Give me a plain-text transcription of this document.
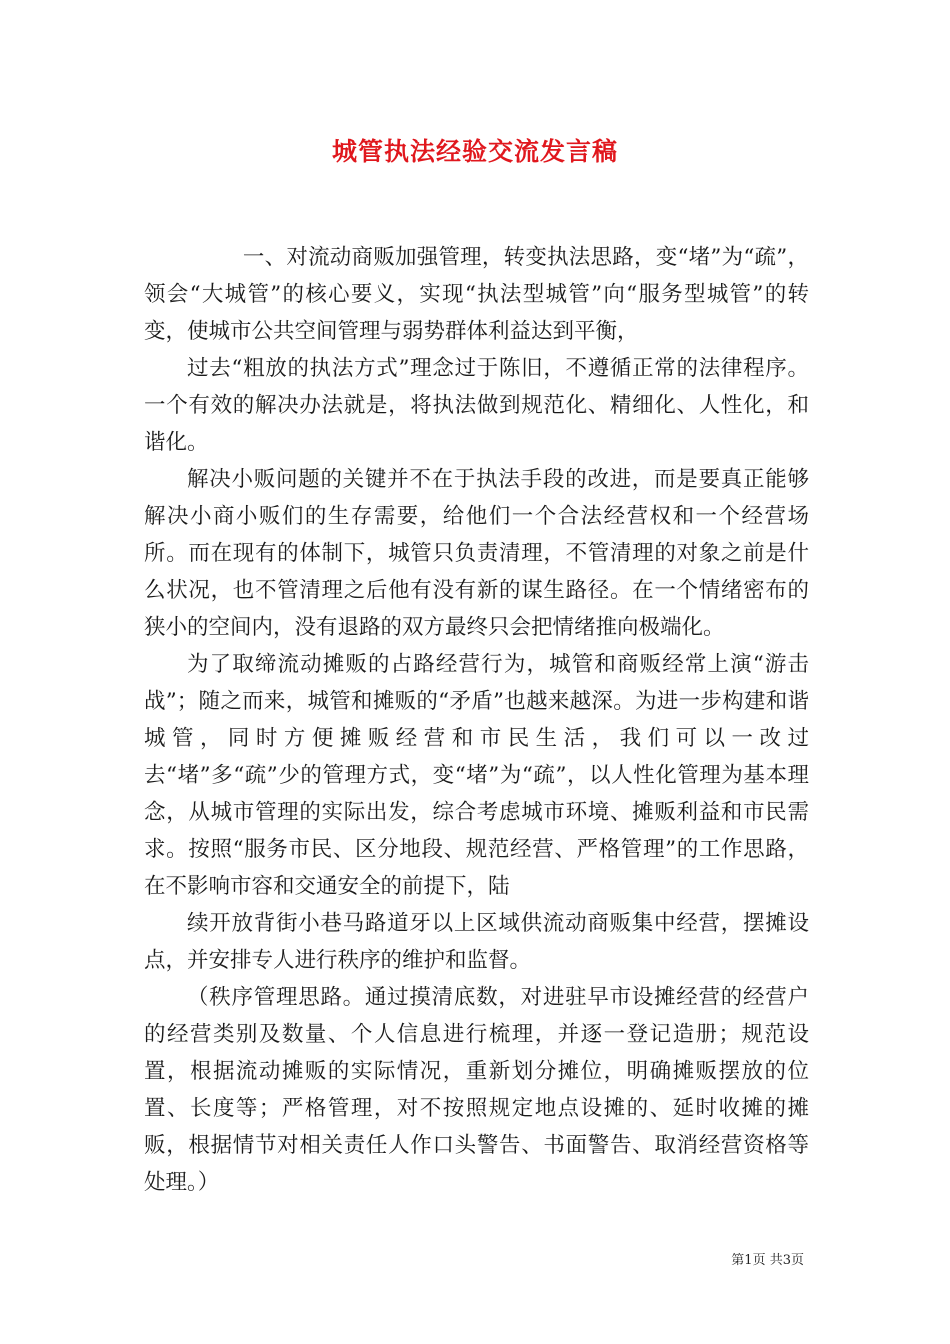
城管执法经验交流发言稿

一、对流动商贩加强管理，转变执法思路，变“堵”为“疏”，领会“大城管”的核心要义，实现“执法型城管”向“服务型城管”的转变，使城市公共空间管理与弱势群体利益达到平衡，

过去“粗放的执法方式”理念过于陈旧，不遵循正常的法律程序。一个有效的解决办法就是，将执法做到规范化、精细化、人性化，和谐化。

解决小贩问题的关键并不在于执法手段的改进，而是要真正能够解决小商小贩们的生存需要，给他们一个合法经营权和一个经营场所。而在现有的体制下，城管只负责清理，不管清理的对象之前是什么状况，也不管清理之后他有没有新的谋生路径。在一个情绪密布的狭小的空间内，没有退路的双方最终只会把情绪推向极端化。

为了取缔流动摊贩的占路经营行为，城管和商贩经常上演“游击战”；随之而来，城管和摊贩的“矛盾”也越来越深。为进一步构建和谐城管，同时方便摊贩经营和市民生活，我们可以一改过去“堵”多“疏”少的管理方式，变“堵”为“疏”，以人性化管理为基本理念，从城市管理的实际出发，综合考虑城市环境、摊贩利益和市民需求。按照“服务市民、区分地段、规范经营、严格管理”的工作思路，在不影响市容和交通安全的前提下，陆

续开放背街小巷马路道牙以上区域供流动商贩集中经营，摆摊设点，并安排专人进行秩序的维护和监督。

（秩序管理思路。通过摸清底数，对进驻早市设摊经营的经营户的经营类别及数量、个人信息进行梳理，并逐一登记造册；规范设置，根据流动摊贩的实际情况，重新划分摊位，明确摊贩摆放的位置、长度等；严格管理，对不按照规定地点设摊的、延时收摊的摊贩，根据情节对相关责任人作口头警告、书面警告、取消经营资格等处理。）

第1页 共3页
